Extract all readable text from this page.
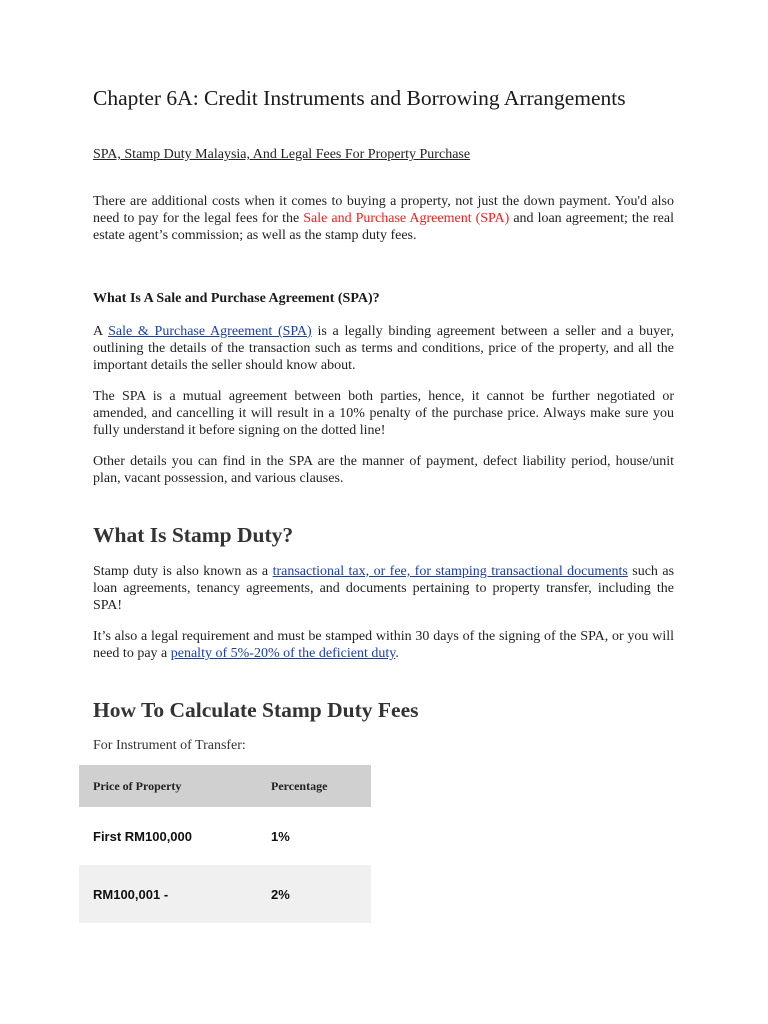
Chapter 6A: Credit Instruments and Borrowing Arrangements
SPA, Stamp Duty Malaysia, And Legal Fees For Property Purchase

There are additional costs when it comes to buying a property, not just the down payment. You'd also need to pay for the legal fees for the Sale and Purchase Agreement (SPA) and loan agreement; the real estate agent’s commission; as well as the stamp duty fees.

What Is A Sale and Purchase Agreement (SPA)?

A Sale & Purchase Agreement (SPA) is a legally binding agreement between a seller and a buyer, outlining the details of the transaction such as terms and conditions, price of the property, and all the important details the seller should know about.

The SPA is a mutual agreement between both parties, hence, it cannot be further negotiated or amended, and cancelling it will result in a 10% penalty of the purchase price. Always make sure you fully understand it before signing on the dotted line!

Other details you can find in the SPA are the manner of payment, defect liability period, house/unit plan, vacant possession, and various clauses.

What Is Stamp Duty?

Stamp duty is also known as a transactional tax, or fee, for stamping transactional documents such as loan agreements, tenancy agreements, and documents pertaining to property transfer, including the SPA!

It’s also a legal requirement and must be stamped within 30 days of the signing of the SPA, or you will need to pay a penalty of 5%-20% of the deficient duty.

How To Calculate Stamp Duty Fees
For Instrument of Transfer:
Price of Property	Percentage
First RM100,000	1%
RM100,001 -	2%
